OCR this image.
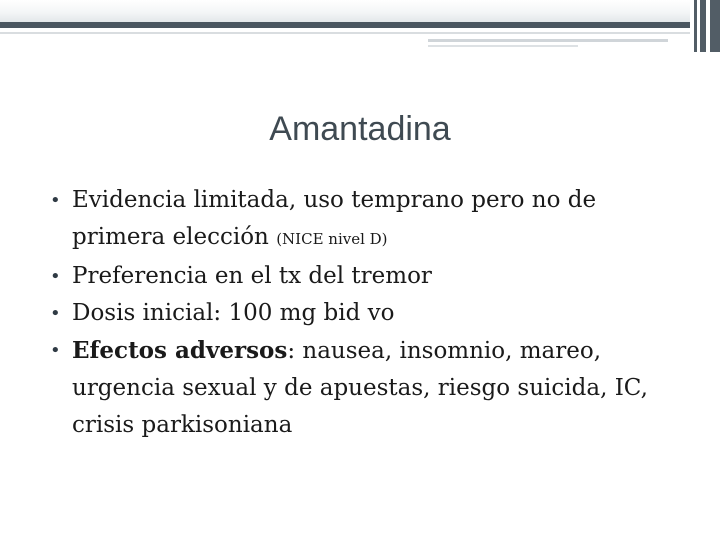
Amantadina
• Evidencia limitada, uso temprano pero no de primera elección (NICE nivel D)
• Preferencia en el tx del tremor
• Dosis inicial: 100 mg bid vo
• Efectos adversos: nausea, insomnio, mareo, urgencia sexual y de apuestas, riesgo suicida, IC, crisis parkisoniana
